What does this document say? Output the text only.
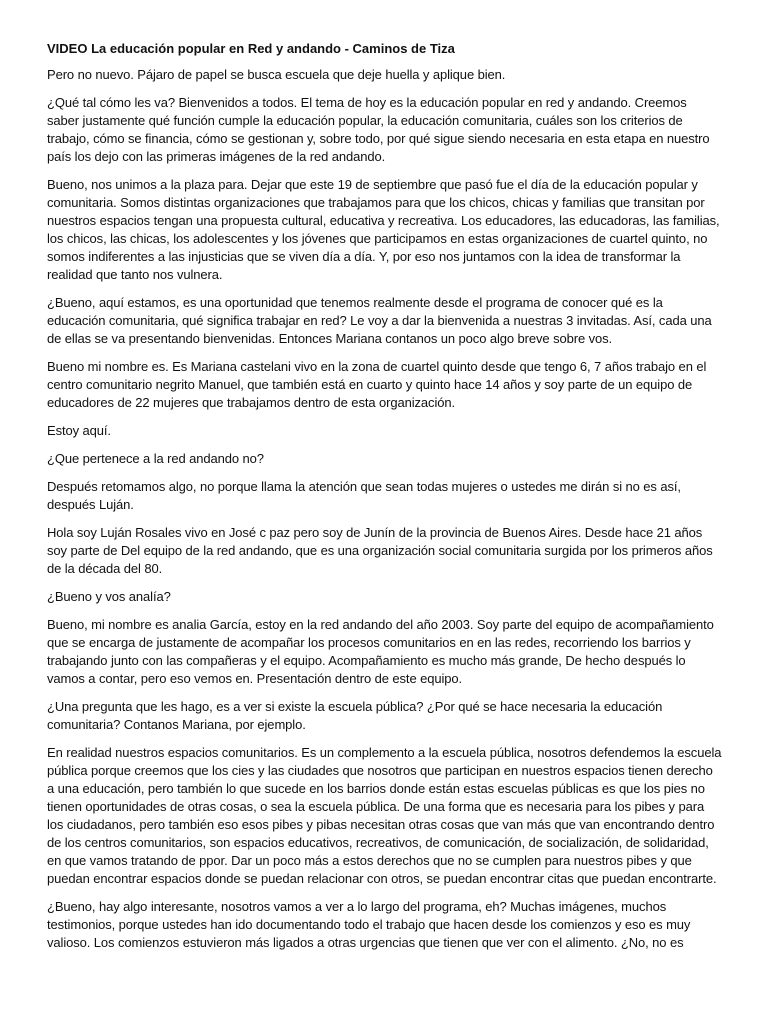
VIDEO La educación popular en Red y andando - Caminos de Tiza

Pero no nuevo. Pájaro de papel se busca escuela que deje huella y aplique bien.

¿Qué tal cómo les va? Bienvenidos a todos. El tema de hoy es la educación popular en red y andando. Creemos saber justamente qué función cumple la educación popular, la educación comunitaria, cuáles son los criterios de trabajo, cómo se financia, cómo se gestionan y, sobre todo, por qué sigue siendo necesaria en esta etapa en nuestro país los dejo con las primeras imágenes de la red andando.

Bueno, nos unimos a la plaza para. Dejar que este 19 de septiembre que pasó fue el día de la educación popular y comunitaria. Somos distintas organizaciones que trabajamos para que los chicos, chicas y familias que transitan por nuestros espacios tengan una propuesta cultural, educativa y recreativa. Los educadores, las educadoras, las familias, los chicos, las chicas, los adolescentes y los jóvenes que participamos en estas organizaciones de cuartel quinto, no somos indiferentes a las injusticias que se viven día a día. Y, por eso nos juntamos con la idea de transformar la realidad que tanto nos vulnera.

¿Bueno, aquí estamos, es una oportunidad que tenemos realmente desde el programa de conocer qué es la educación comunitaria, qué significa trabajar en red? Le voy a dar la bienvenida a nuestras 3 invitadas. Así, cada una de ellas se va presentando bienvenidas. Entonces Mariana contanos un poco algo breve sobre vos.

Bueno mi nombre es. Es Mariana castelani vivo en la zona de cuartel quinto desde que tengo 6, 7 años trabajo en el centro comunitario negrito Manuel, que también está en cuarto y quinto hace 14 años y soy parte de un equipo de educadores de 22 mujeres que trabajamos dentro de esta organización.

Estoy aquí.

¿Que pertenece a la red andando no?

Después retomamos algo, no porque llama la atención que sean todas mujeres o ustedes me dirán si no es así, después Luján.

Hola soy Luján Rosales vivo en José c paz pero soy de Junín de la provincia de Buenos Aires. Desde hace 21 años soy parte de Del equipo de la red andando, que es una organización social comunitaria surgida por los primeros años de la década del 80.

¿Bueno y vos analía?

Bueno, mi nombre es analia García, estoy en la red andando del año 2003. Soy parte del equipo de acompañamiento que se encarga de justamente de acompañar los procesos comunitarios en en las redes, recorriendo los barrios y trabajando junto con las compañeras y el equipo. Acompañamiento es mucho más grande, De hecho después lo vamos a contar, pero eso vemos en. Presentación dentro de este equipo.

¿Una pregunta que les hago, es a ver si existe la escuela pública? ¿Por qué se hace necesaria la educación comunitaria? Contanos Mariana, por ejemplo.

En realidad nuestros espacios comunitarios. Es un complemento a la escuela pública, nosotros defendemos la escuela pública porque creemos que los cies y las ciudades que nosotros que participan en nuestros espacios tienen derecho a una educación, pero también lo que sucede en los barrios donde están estas escuelas públicas es que los pies no tienen oportunidades de otras cosas, o sea la escuela pública. De una forma que es necesaria para los pibes y para los ciudadanos, pero también eso esos pibes y pibas necesitan otras cosas que van más que van encontrando dentro de los centros comunitarios, son espacios educativos, recreativos, de comunicación, de socialización, de solidaridad, en que vamos tratando de ppor. Dar un poco más a estos derechos que no se cumplen para nuestros pibes y que puedan encontrar espacios donde se puedan relacionar con otros, se puedan encontrar citas que puedan encontrarte.

¿Bueno, hay algo interesante, nosotros vamos a ver a lo largo del programa, eh? Muchas imágenes, muchos testimonios, porque ustedes han ido documentando todo el trabajo que hacen desde los comienzos y eso es muy valioso. Los comienzos estuvieron más ligados a otras urgencias que tienen que ver con el alimento. ¿No, no es
